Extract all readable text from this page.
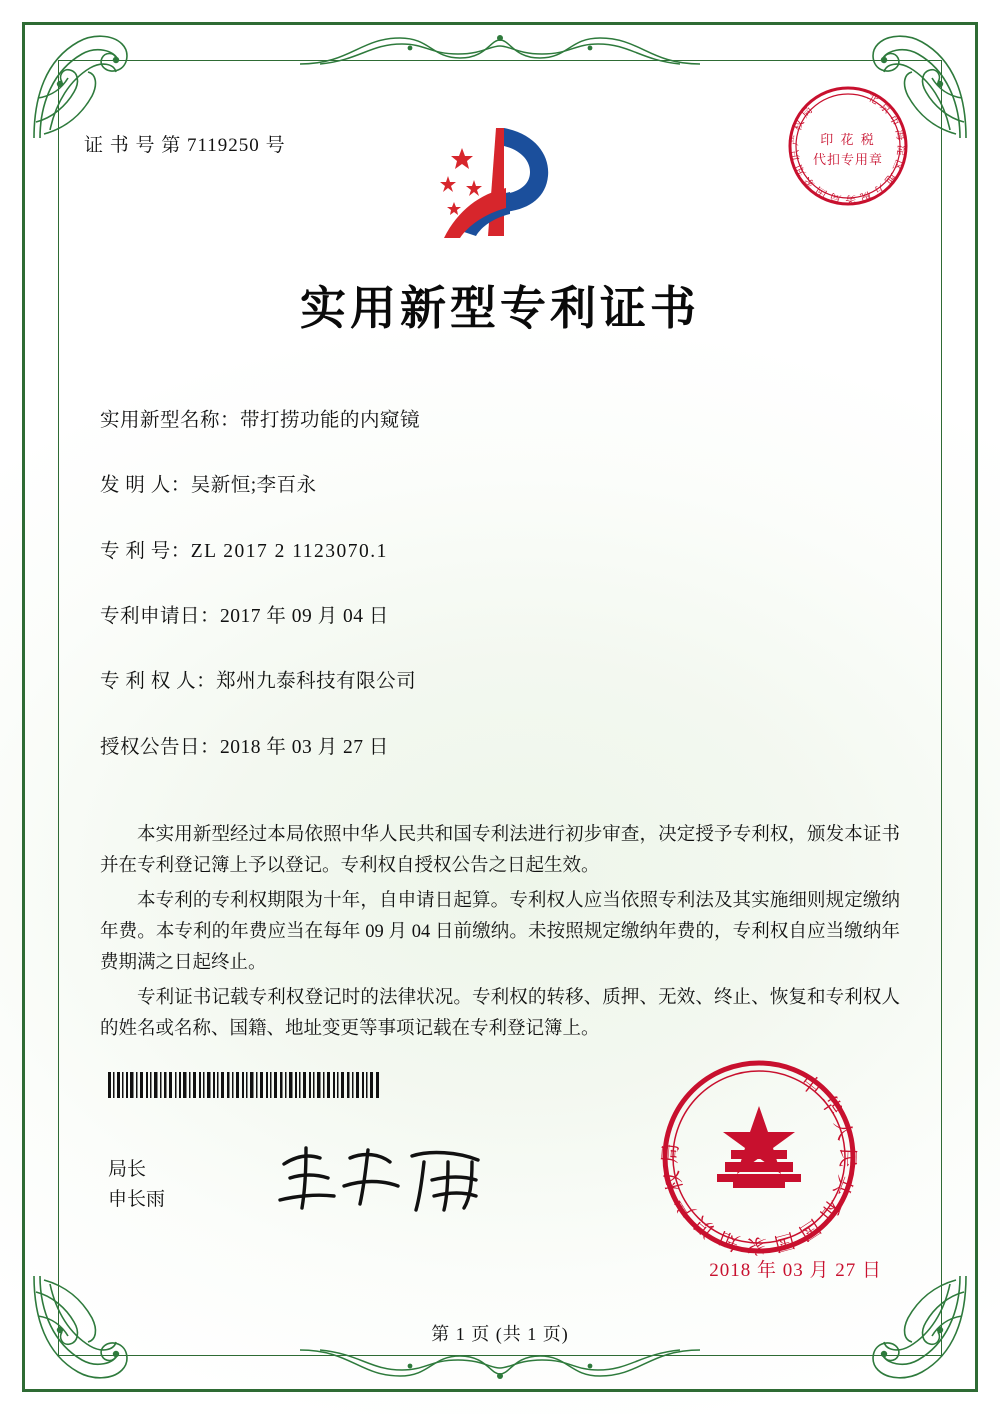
证 书 号 第 7119250 号
北京市海淀区地方税务局国家知识产权局
印 花 税
代扣专用章
实用新型专利证书
实用新型名称：带打捞功能的内窥镜
发 明 人：吴新恒;李百永
专 利 号：ZL 2017 2 1123070.1
专利申请日：2017 年 09 月 04 日
专 利 权 人：郑州九泰科技有限公司
授权公告日：2018 年 03 月 27 日

本实用新型经过本局依照中华人民共和国专利法进行初步审查，决定授予专利权，颁发本证书并在专利登记簿上予以登记。专利权自授权公告之日起生效。

本专利的专利权期限为十年，自申请日起算。专利权人应当依照专利法及其实施细则规定缴纳年费。本专利的年费应当在每年 09 月 04 日前缴纳。未按照规定缴纳年费的，专利权自应当缴纳年费期满之日起终止。

专利证书记载专利权登记时的法律状况。专利权的转移、质押、无效、终止、恢复和专利权人的姓名或名称、国籍、地址变更等事项记载在专利登记簿上。

局长
申长雨
中华人民共和国国家知识产权局
2018 年 03 月 27 日
第 1 页 (共 1 页)
